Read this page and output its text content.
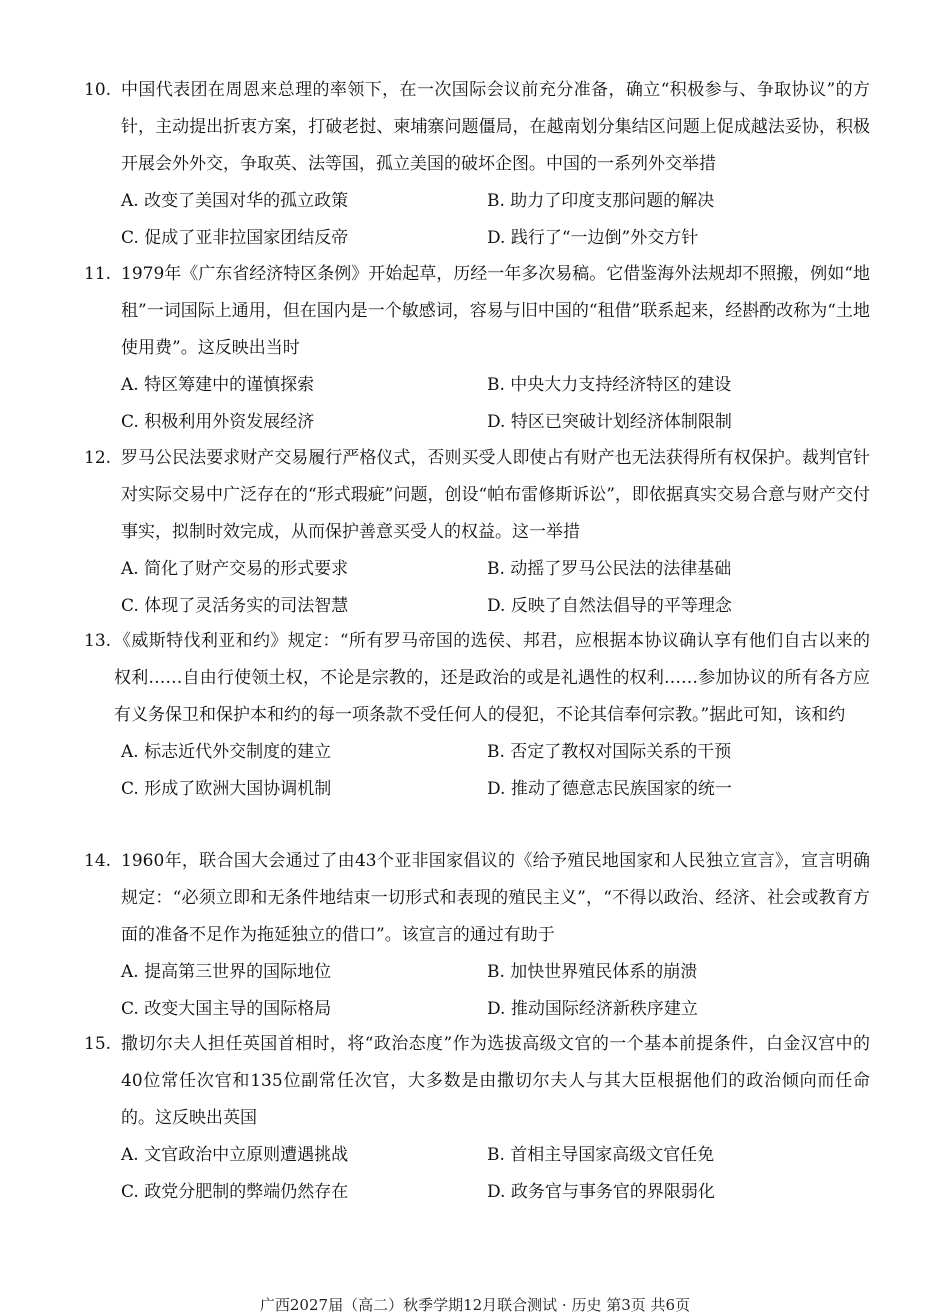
10. 中国代表团在周恩来总理的率领下，在一次国际会议前充分准备，确立“积极参与、争取协议”的方针，主动提出折衷方案，打破老挝、柬埔寨问题僵局，在越南划分集结区问题上促成越法妥协，积极开展会外外交，争取英、法等国，孤立美国的破坏企图。中国的一系列外交举措
A. 改变了美国对华的孤立政策	B. 助力了印度支那问题的解决
C. 促成了亚非拉国家团结反帝	D. 践行了“一边倒”外交方针
11. 1979年《广东省经济特区条例》开始起草，历经一年多次易稿。它借鉴海外法规却不照搬，例如“地租”一词国际上通用，但在国内是一个敏感词，容易与旧中国的“租借”联系起来，经斟酌改称为“土地使用费”。这反映出当时
A. 特区筹建中的谨慎探索	B. 中央大力支持经济特区的建设
C. 积极利用外资发展经济	D. 特区已突破计划经济体制限制
12. 罗马公民法要求财产交易履行严格仪式，否则买受人即使占有财产也无法获得所有权保护。裁判官针对实际交易中广泛存在的“形式瑕疵”问题，创设“帕布雷修斯诉讼”，即依据真实交易合意与财产交付事实，拟制时效完成，从而保护善意买受人的权益。这一举措
A. 简化了财产交易的形式要求	B. 动摇了罗马公民法的法律基础
C. 体现了灵活务实的司法智慧	D. 反映了自然法倡导的平等理念
13. 《威斯特伐利亚和约》规定：“所有罗马帝国的选侯、邦君，应根据本协议确认享有他们自古以来的权利……自由行使领土权，不论是宗教的，还是政治的或是礼遇性的权利……参加协议的所有各方应有义务保卫和保护本和约的每一项条款不受任何人的侵犯，不论其信奉何宗教。”据此可知，该和约
A. 标志近代外交制度的建立	B. 否定了教权对国际关系的干预
C. 形成了欧洲大国协调机制	D. 推动了德意志民族国家的统一
14. 1960年，联合国大会通过了由43个亚非国家倡议的《给予殖民地国家和人民独立宣言》，宣言明确规定：“必须立即和无条件地结束一切形式和表现的殖民主义”，“不得以政治、经济、社会或教育方面的准备不足作为拖延独立的借口”。该宣言的通过有助于
A. 提高第三世界的国际地位	B. 加快世界殖民体系的崩溃
C. 改变大国主导的国际格局	D. 推动国际经济新秩序建立
15. 撒切尔夫人担任英国首相时，将“政治态度”作为选拔高级文官的一个基本前提条件，白金汉宫中的40位常任次官和135位副常任次官，大多数是由撒切尔夫人与其大臣根据他们的政治倾向而任命的。这反映出英国
A. 文官政治中立原则遭遇挑战	B. 首相主导国家高级文官任免
C. 政党分肥制的弊端仍然存在	D. 政务官与事务官的界限弱化
广西2027届（高二）秋季学期12月联合测试 · 历史 第3页 共6页
